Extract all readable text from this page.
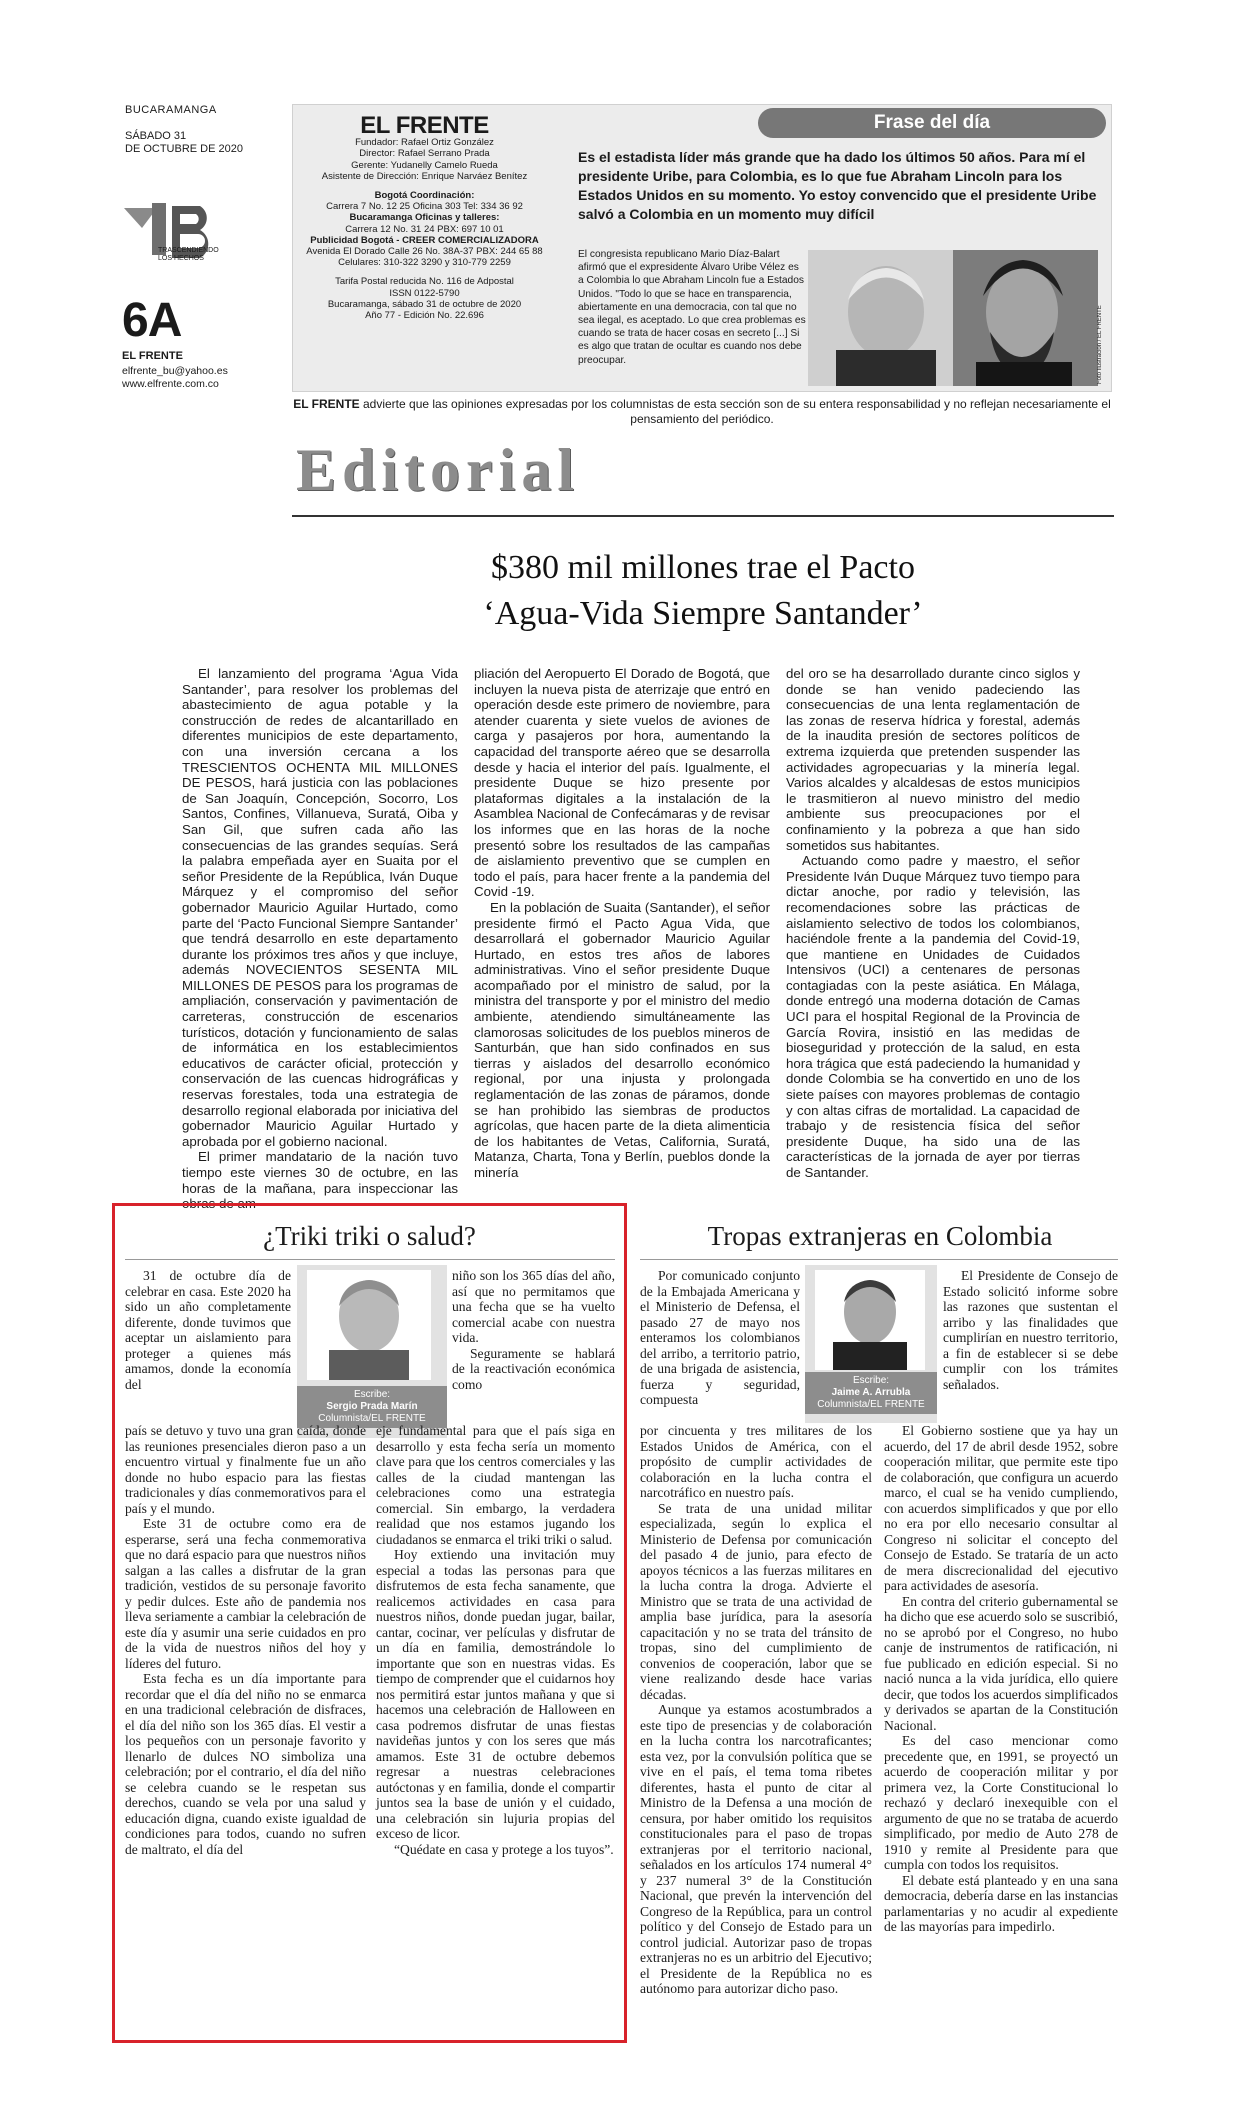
BUCARAMANGA
SÁBADO 31
DE OCTUBRE DE 2020
TRASCENDIENDO LOS HECHOS
6A
EL FRENTE
elfrente_bu@yahoo.es
www.elfrente.com.co
EL FRENTE
Fundador: Rafael Ortiz González
Director: Rafael Serrano Prada
Gerente: Yudanelly Camelo Rueda
Asistente de Dirección: Enrique Narváez Benítez
Bogotá Coordinación:
Carrera 7 No. 12 25 Oficina 303 Tel: 334 36 92
Bucaramanga Oficinas y talleres:
Carrera 12 No. 31 24 PBX: 697 10 01
Publicidad Bogotá - CREER COMERCIALIZADORA
Avenida El Dorado Calle 26 No. 38A-37 PBX: 244 65 88
Celulares: 310-322 3290 y 310-779 2259
Tarifa Postal reducida No. 116 de Adpostal
ISSN 0122-5790
Bucaramanga, sábado 31 de octubre de 2020
Año 77 - Edición No. 22.696
Frase del día
Es el estadista líder más grande que ha dado los últimos 50 años. Para mí el presidente Uribe, para Colombia, es lo que fue Abraham Lincoln para los Estados Unidos en su momento. Yo estoy convencido que el presidente Uribe salvó a Colombia en un momento muy difícil
El congresista republicano Mario Díaz-Balart afirmó que el expresidente Álvaro Uribe Vélez es a Colombia lo que Abraham Lincoln fue a Estados Unidos. "Todo lo que se hace en transparencia, abiertamente en una democracia, con tal que no sea ilegal, es aceptado. Lo que crea problemas es cuando se trata de hacer cosas en secreto [...] Si es algo que tratan de ocultar es cuando nos debe preocupar.	Foto Ilustración / EL FRENTE
EL FRENTE advierte que las opiniones expresadas por los columnistas de esta sección son de su entera responsabilidad y no reflejan necesariamente el pensamiento del periódico.
Editorial
$380 mil millones trae el Pacto
‘Agua-Vida Siempre Santander’

El lanzamiento del programa ‘Agua Vida Santander’, para resolver los problemas del abastecimiento de agua potable y la construcción de redes de alcantarillado en diferentes municipios de este departamento, con una inversión cercana a los TRESCIENTOS OCHENTA MIL MILLONES DE PESOS, hará justicia con las poblaciones de San Joaquín, Concepción, Socorro, Los Santos, Confines, Villanueva, Suratá, Oiba y San Gil, que sufren cada año las consecuencias de las grandes sequías. Será la palabra empeñada ayer en Suaita por el señor Presidente de la República, Iván Duque Márquez y el compromiso del señor gobernador Mauricio Aguilar Hurtado, como parte del ‘Pacto Funcional Siempre Santander’ que tendrá desarrollo en este departamento durante los próximos tres años y que incluye, además NOVECIENTOS SESENTA MIL MILLONES DE PESOS para los programas de ampliación, conservación y pavimentación de carreteras, construcción de escenarios turísticos, dotación y funcionamiento de salas de informática en los establecimientos educativos de carácter oficial, protección y conservación de las cuencas hidrográficas y reservas forestales, toda una estrategia de desarrollo regional elaborada por iniciativa del gobernador Mauricio Aguilar Hurtado y aprobada por el gobierno nacional.

El primer mandatario de la nación tuvo tiempo este viernes 30 de octubre, en las horas de la mañana, para inspeccionar las obras de am-

pliación del Aeropuerto El Dorado de Bogotá, que incluyen la nueva pista de aterrizaje que entró en operación desde este primero de noviembre, para atender cuarenta y siete vuelos de aviones de carga y pasajeros por hora, aumentando la capacidad del transporte aéreo que se desarrolla desde y hacia el interior del país. Igualmente, el presidente Duque se hizo presente por plataformas digitales a la instalación de la Asamblea Nacional de Confecámaras y de revisar los informes que en las horas de la noche presentó sobre los resultados de las campañas de aislamiento preventivo que se cumplen en todo el país, para hacer frente a la pandemia del Covid -19.

En la población de Suaita (Santander), el señor presidente firmó el Pacto Agua Vida, que desarrollará el gobernador Mauricio Aguilar Hurtado, en estos tres años de labores administrativas. Vino el señor presidente Duque acompañado por el ministro de salud, por la ministra del transporte y por el ministro del medio ambiente, atendiendo simultáneamente las clamorosas solicitudes de los pueblos mineros de Santurbán, que han sido confinados en sus tierras y aislados del desarrollo económico regional, por una injusta y prolongada reglamentación de las zonas de páramos, donde se han prohibido las siembras de productos agrícolas, que hacen parte de la dieta alimenticia de los habitantes de Vetas, California, Suratá, Matanza, Charta, Tona y Berlín, pueblos donde la minería

del oro se ha desarrollado durante cinco siglos y donde se han venido padeciendo las consecuencias de una lenta reglamentación de las zonas de reserva hídrica y forestal, además de la inaudita presión de sectores políticos de extrema izquierda que pretenden suspender las actividades agropecuarias y la minería legal. Varios alcaldes y alcaldesas de estos municipios le trasmitieron al nuevo ministro del medio ambiente sus preocupaciones por el confinamiento y la pobreza a que han sido sometidos sus habitantes.

Actuando como padre y maestro, el señor Presidente Iván Duque Márquez tuvo tiempo para dictar anoche, por radio y televisión, las recomendaciones sobre las prácticas de aislamiento selectivo de todos los colombianos, haciéndole frente a la pandemia del Covid-19, que mantiene en Unidades de Cuidados Intensivos (UCI) a centenares de personas contagiadas con la peste asiática. En Málaga, donde entregó una moderna dotación de Camas UCI para el hospital Regional de la Provincia de García Rovira, insistió en las medidas de bioseguridad y protección de la salud, en esta hora trágica que está padeciendo la humanidad y donde Colombia se ha convertido en uno de los siete países con mayores problemas de contagio y con altas cifras de mortalidad. La capacidad de trabajo y de resistencia física del señor presidente Duque, ha sido una de las características de la jornada de ayer por tierras de Santander.

¿Triki triki o salud?

31 de octubre día de celebrar en casa. Este 2020 ha sido un año completamente diferente, donde tuvimos que aceptar un aislamiento para proteger a quienes más amamos, donde la economía del

Escribe:
Sergio Prada Marín
Columnista/EL FRENTE

niño son los 365 días del año, así que no permitamos que una fecha que se ha vuelto comercial acabe con nuestra vida.

Seguramente se hablará de la reactivación económica como

país se detuvo y tuvo una gran caída, donde las reuniones presenciales dieron paso a un encuentro virtual y finalmente fue un año donde no hubo espacio para las fiestas tradicionales y días conmemorativos para el país y el mundo.

Este 31 de octubre como era de esperarse, será una fecha conmemorativa que no dará espacio para que nuestros niños salgan a las calles a disfrutar de la gran tradición, vestidos de su personaje favorito y pedir dulces. Este año de pandemia nos lleva seriamente a cambiar la celebración de este día y asumir una serie cuidados en pro de la vida de nuestros niños del hoy y líderes del futuro.

Esta fecha es un día importante para recordar que el día del niño no se enmarca en una tradicional celebración de disfraces, el día del niño son los 365 días. El vestir a los pequeños con un personaje favorito y llenarlo de dulces NO simboliza una celebración; por el contrario, el día del niño se celebra cuando se le respetan sus derechos, cuando se vela por una salud y educación digna, cuando existe igualdad de condiciones para todos, cuando no sufren de maltrato, el día del

eje fundamental para que el país siga en desarrollo y esta fecha sería un momento clave para que los centros comerciales y las calles de la ciudad mantengan las celebraciones como una estrategia comercial. Sin embargo, la verdadera realidad que nos estamos jugando los ciudadanos se enmarca el triki triki o salud.

Hoy extiendo una invitación muy especial a todas las personas para que disfrutemos de esta fecha sanamente, que realicemos actividades en casa para nuestros niños, donde puedan jugar, bailar, cantar, cocinar, ver películas y disfrutar de un día en familia, demostrándole lo importante que son en nuestras vidas. Es tiempo de comprender que el cuidarnos hoy nos permitirá estar juntos mañana y que si hacemos una celebración de Halloween en casa podremos disfrutar de unas fiestas navideñas juntos y con los seres que más amamos. Este 31 de octubre debemos regresar a nuestras celebraciones autóctonas y en familia, donde el compartir juntos sea la base de unión y el cuidado, una celebración sin lujuria propias del exceso de licor.

“Quédate en casa y protege a los tuyos”.

Tropas extranjeras en Colombia

Por comunicado conjunto de la Embajada Americana y el Ministerio de Defensa, el pasado 27 de mayo nos enteramos los colombianos del arribo, a territorio patrio, de una brigada de asistencia, fuerza y seguridad, compuesta

Escribe:
Jaime A. Arrubla
Columnista/EL FRENTE

El Presidente de Consejo de Estado solicitó informe sobre las razones que sustentan el arribo y las finalidades que cumplirían en nuestro territorio, a fin de establecer si se debe cumplir con los trámites señalados.

por cincuenta y tres militares de los Estados Unidos de América, con el propósito de cumplir actividades de colaboración en la lucha contra el narcotráfico en nuestro país.

Se trata de una unidad militar especializada, según lo explica el Ministerio de Defensa por comunicación del pasado 4 de junio, para efecto de apoyos técnicos a las fuerzas militares en la lucha contra la droga. Advierte el Ministro que se trata de una actividad de amplia base jurídica, para la asesoría capacitación y no se trata del tránsito de tropas, sino del cumplimiento de convenios de cooperación, labor que se viene realizando desde hace varias décadas.

Aunque ya estamos acostumbrados a este tipo de presencias y de colaboración en la lucha contra los narcotraficantes; esta vez, por la convulsión política que se vive en el país, el tema toma ribetes diferentes, hasta el punto de citar al Ministro de la Defensa a una moción de censura, por haber omitido los requisitos constitucionales para el paso de tropas extranjeras por el territorio nacional, señalados en los artículos 174 numeral 4° y 237 numeral 3° de la Constitución Nacional, que prevén la intervención del Congreso de la República, para un control político y del Consejo de Estado para un control judicial. Autorizar paso de tropas extranjeras no es un arbitrio del Ejecutivo; el Presidente de la República no es autónomo para autorizar dicho paso.

El Gobierno sostiene que ya hay un acuerdo, del 17 de abril desde 1952, sobre cooperación militar, que permite este tipo de colaboración, que configura un acuerdo marco, el cual se ha venido cumpliendo, con acuerdos simplificados y que por ello no era por ello necesario consultar al Congreso ni solicitar el concepto del Consejo de Estado. Se trataría de un acto de mera discrecionalidad del ejecutivo para actividades de asesoría.

En contra del criterio gubernamental se ha dicho que ese acuerdo solo se suscribió, no se aprobó por el Congreso, no hubo canje de instrumentos de ratificación, ni fue publicado en edición especial. Si no nació nunca a la vida jurídica, ello quiere decir, que todos los acuerdos simplificados y derivados se apartan de la Constitución Nacional.

Es del caso mencionar como precedente que, en 1991, se proyectó un acuerdo de cooperación militar y por primera vez, la Corte Constitucional lo rechazó y declaró inexequible con el argumento de que no se trataba de acuerdo simplificado, por medio de Auto 278 de 1910 y remite al Presidente para que cumpla con todos los requisitos.

El debate está planteado y en una sana democracia, debería darse en las instancias parlamentarias y no acudir al expediente de las mayorías para impedirlo.
